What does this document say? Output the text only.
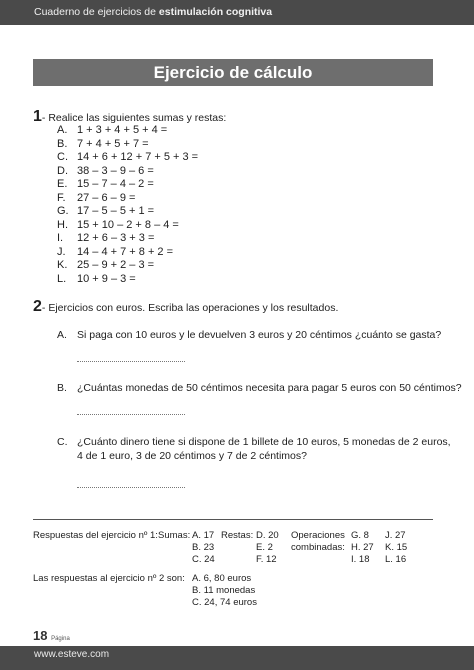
Cuaderno de ejercicios de estimulación cognitiva
Ejercicio de cálculo
1- Realice las siguientes sumas y restas:
A. 1 + 3 + 4 + 5 + 4 =
B. 7 + 4 + 5 + 7 =
C. 14 + 6 + 12 + 7 + 5 + 3 =
D. 38 – 3 – 9 – 6 =
E. 15 – 7 – 4 – 2 =
F. 27 – 6 – 9 =
G. 17 – 5 – 5 + 1 =
H. 15 + 10 – 2 + 8 – 4 =
I. 12 + 6 – 3 + 3 =
J. 14 – 4 + 7 + 8 + 2 =
K. 25 – 9 + 2 – 3 =
L. 10 + 9 – 3 =
2- Ejercicios con euros. Escriba las operaciones y los resultados.
A. Si paga con 10 euros y le devuelven 3 euros y 20 céntimos ¿cuánto se gasta?
B. ¿Cuántas monedas de 50 céntimos necesita para pagar 5 euros con 50 céntimos?
C. ¿Cuánto dinero tiene si dispone de 1 billete de 10 euros, 5 monedas de 2 euros,
4 de 1 euro, 3 de 20 céntimos y 7 de 2 céntimos?
Respuestas del ejercicio nº 1: Sumas: A. 17
B. 23
C. 24
Restas: D. 20
E. 2
F. 12
Operaciones
combinadas:
G. 8
H. 27
I. 18
J. 27
K. 15
L. 16
Las respuestas al ejercicio nº 2 son: A. 6, 80 euros
B. 11 monedas
C. 24, 74 euros
18 Página
www.esteve.com
